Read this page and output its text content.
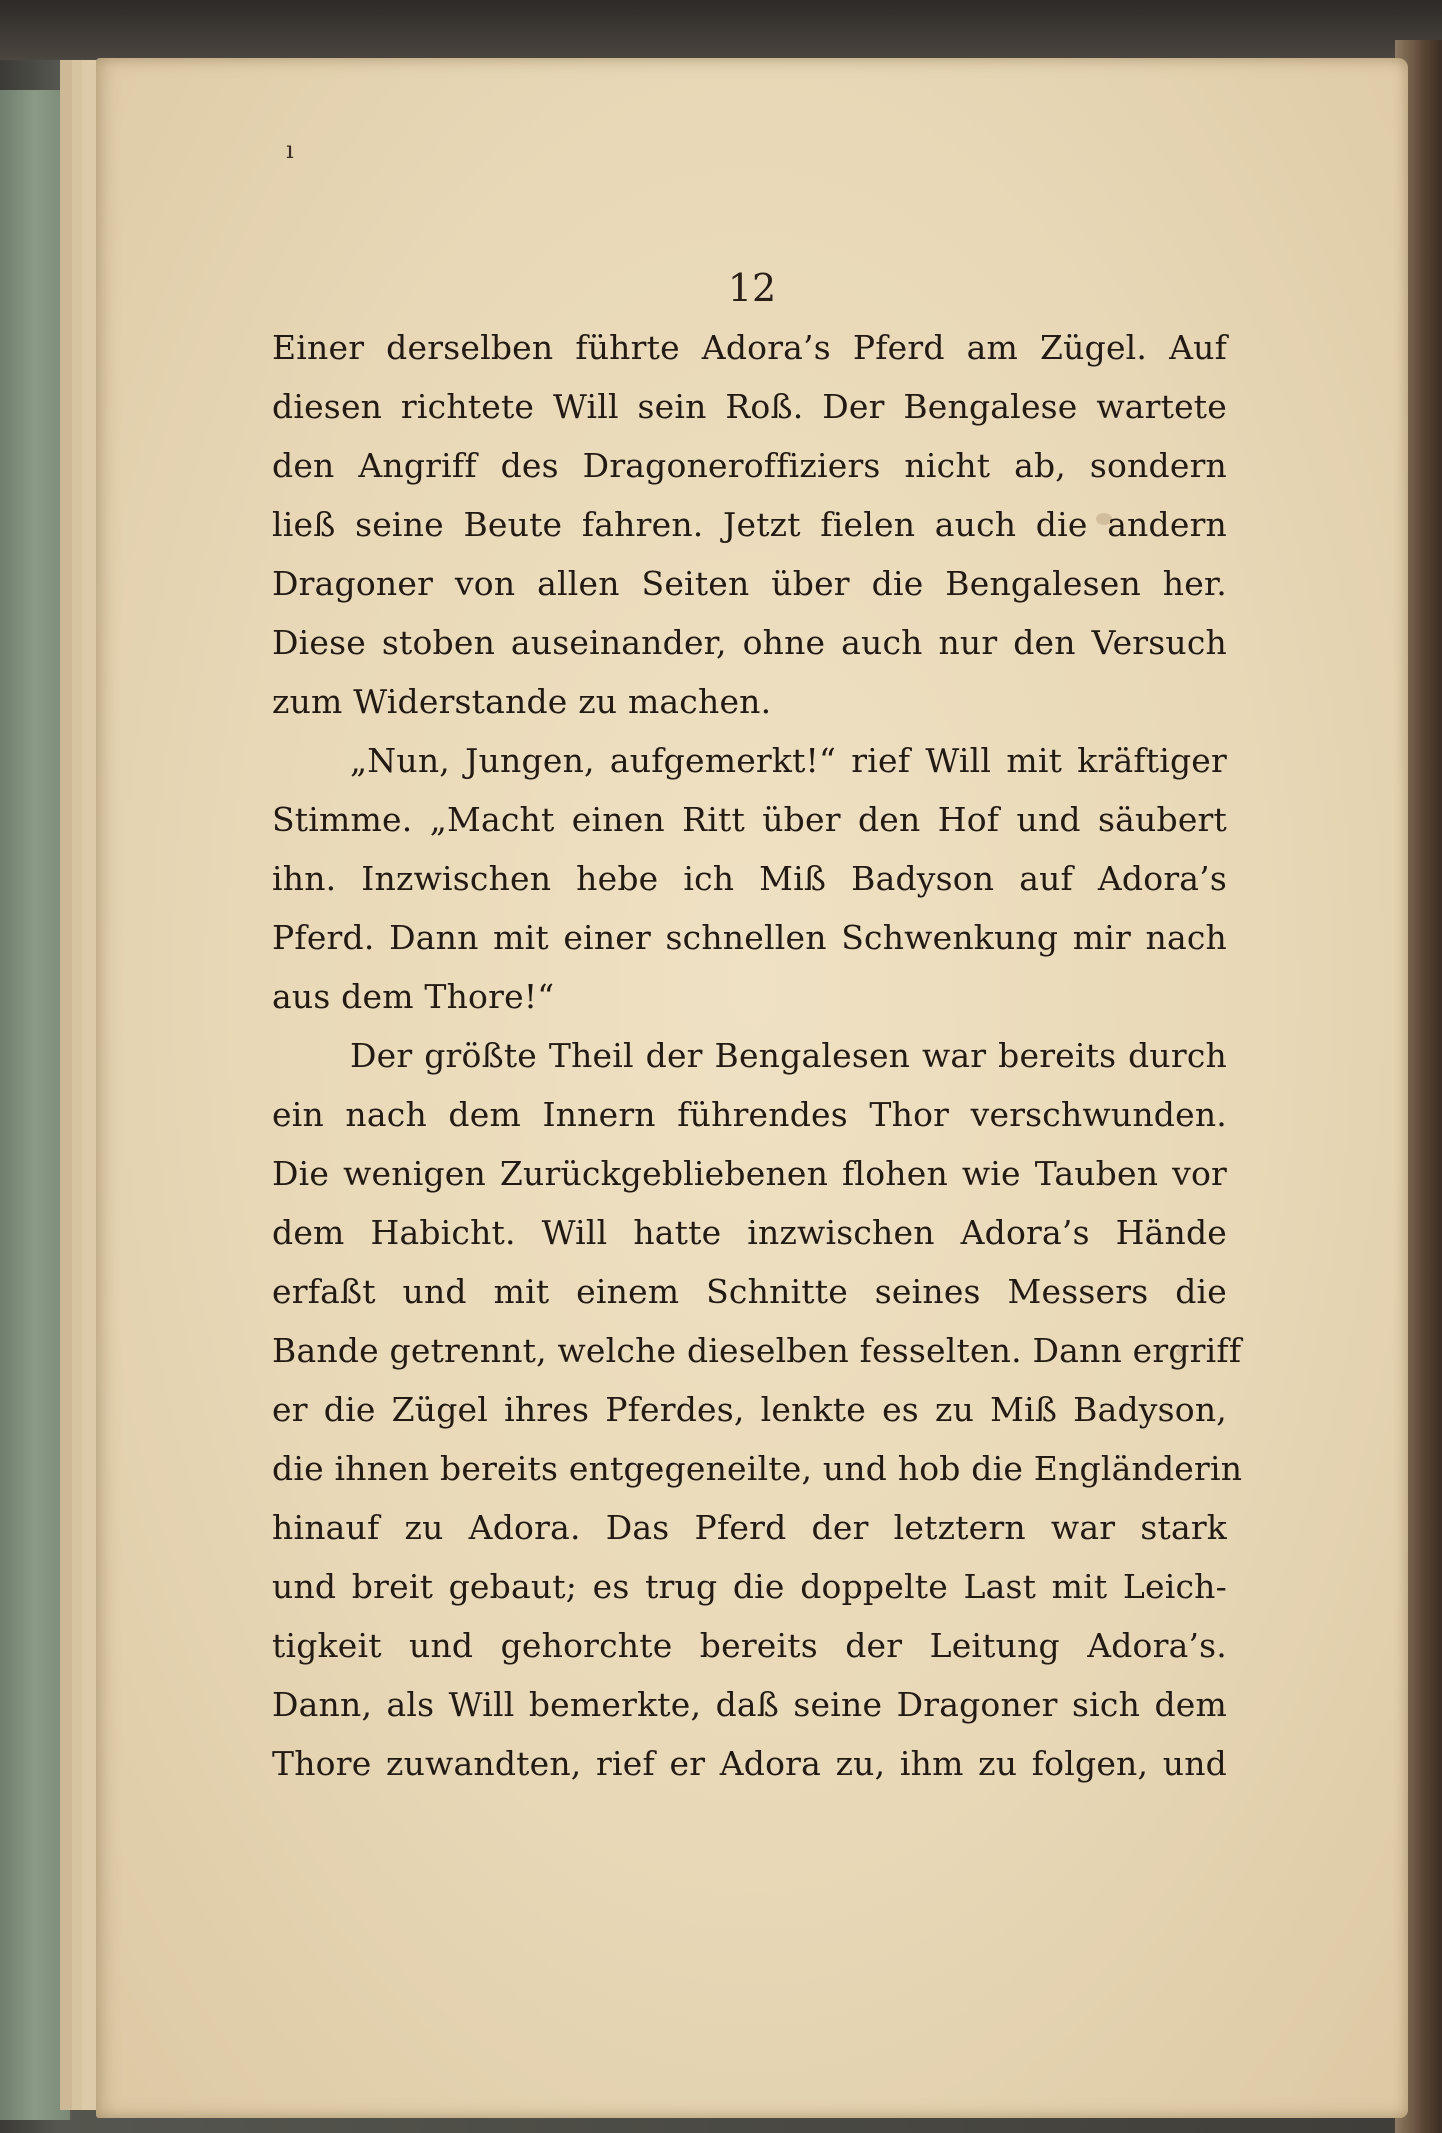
ı
12
Einer derselben führte Adora’s Pferd am Zügel. Auf
diesen richtete Will sein Roß. Der Bengalese wartete
den Angriff des Dragoneroffiziers nicht ab, sondern
ließ seine Beute fahren. Jetzt fielen auch die andern
Dragoner von allen Seiten über die Bengalesen her.
Diese stoben auseinander, ohne auch nur den Versuch
zum Widerstande zu machen.
„Nun, Jungen, aufgemerkt!“ rief Will mit kräftiger
Stimme. „Macht einen Ritt über den Hof und säubert
ihn. Inzwischen hebe ich Miß Badyson auf Adora’s
Pferd. Dann mit einer schnellen Schwenkung mir nach
aus dem Thore!“
Der größte Theil der Bengalesen war bereits durch
ein nach dem Innern führendes Thor verschwunden.
Die wenigen Zurückgebliebenen flohen wie Tauben vor
dem Habicht. Will hatte inzwischen Adora’s Hände
erfaßt und mit einem Schnitte seines Messers die
Bande getrennt, welche dieselben fesselten. Dann ergriff
er die Zügel ihres Pferdes, lenkte es zu Miß Badyson,
die ihnen bereits entgegeneilte, und hob die Engländerin
hinauf zu Adora. Das Pferd der letztern war stark
und breit gebaut; es trug die doppelte Last mit Leich-
tigkeit und gehorchte bereits der Leitung Adora’s.
Dann, als Will bemerkte, daß seine Dragoner sich dem
Thore zuwandten, rief er Adora zu, ihm zu folgen, und
